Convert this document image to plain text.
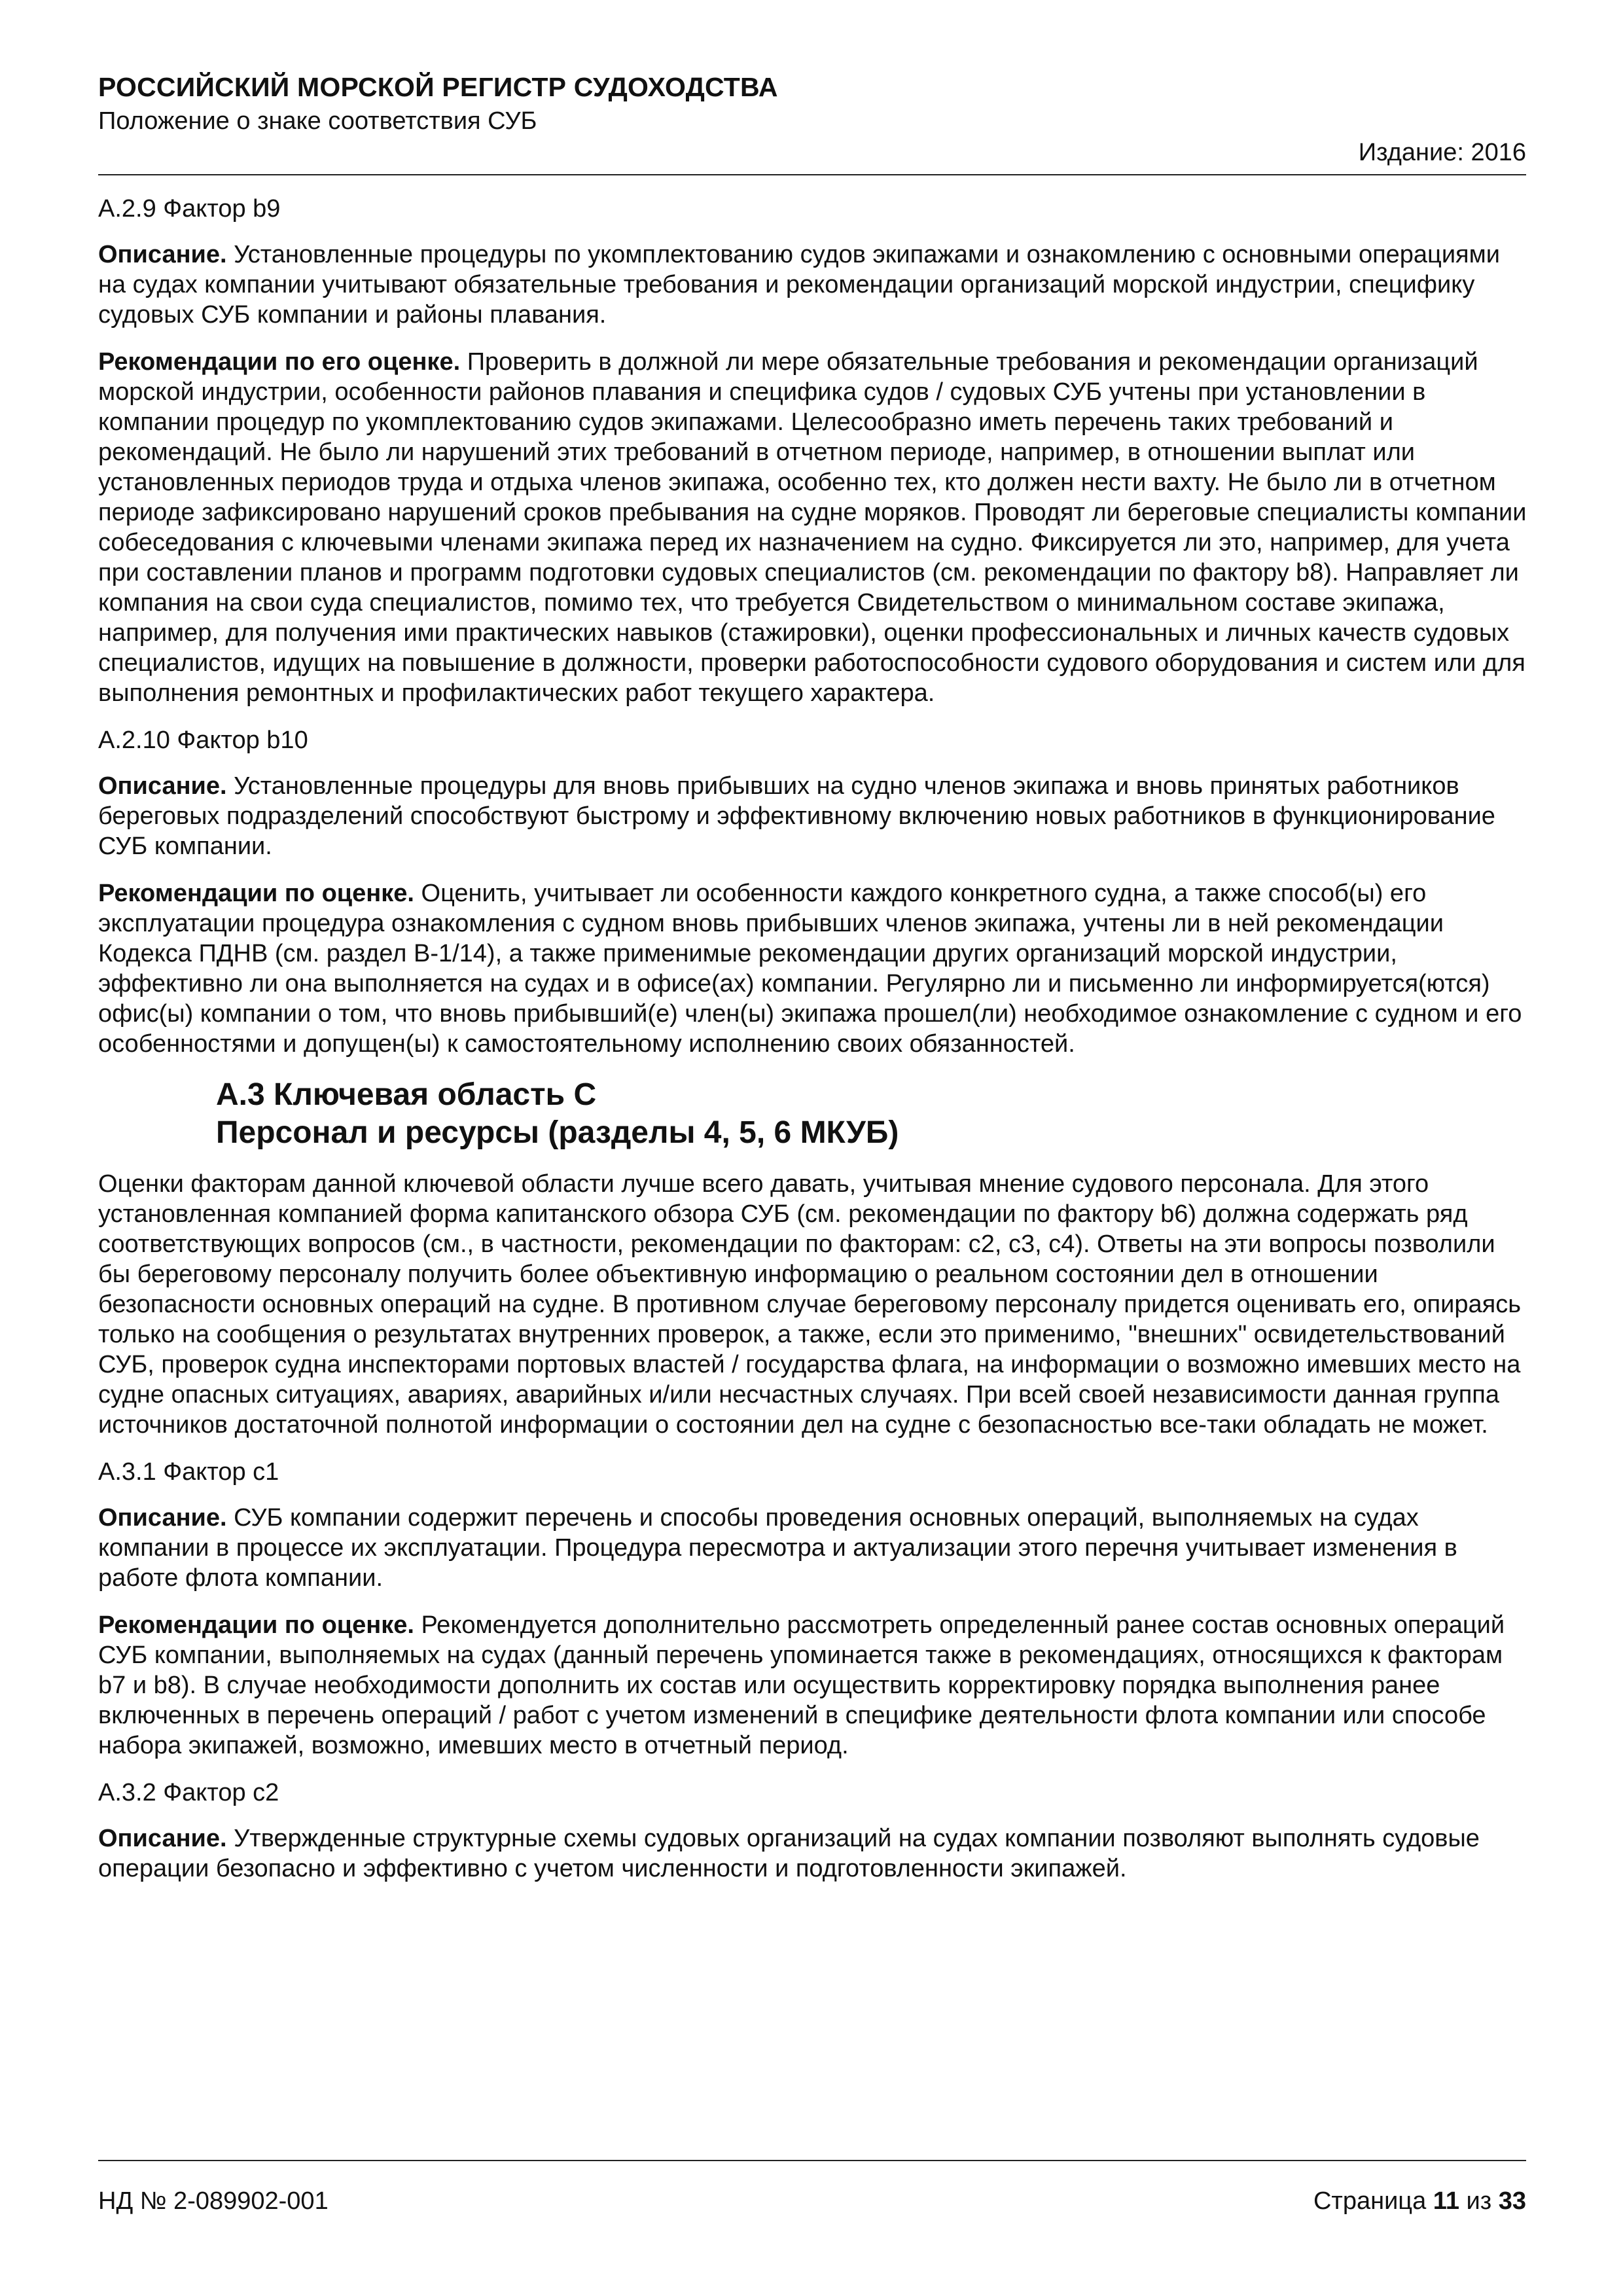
РОССИЙСКИЙ МОРСКОЙ РЕГИСТР СУДОХОДСТВА
Положение о знаке соответствия СУБ
Издание: 2016

А.2.9 Фактор b9

Описание. Установленные процедуры по укомплектованию судов экипажами и ознакомлению с основными операциями на судах компании учитывают обязательные требования и рекомендации организаций морской индустрии, специфику судовых СУБ компании и районы плавания.

Рекомендации по его оценке. Проверить в должной ли мере обязательные требования и рекомендации организаций морской индустрии, особенности районов плавания и специфика судов / судовых СУБ учтены при установлении в компании процедур по укомплектованию судов экипажами. Целесообразно иметь перечень таких требований и рекомендаций. Не было ли нарушений этих требований в отчетном периоде, например, в отношении выплат или установленных периодов труда и отдыха членов экипажа, особенно тех, кто должен нести вахту. Не было ли в отчетном периоде зафиксировано нарушений сроков пребывания на судне моряков. Проводят ли береговые специалисты компании собеседования с ключевыми членами экипажа перед их назначением на судно. Фиксируется ли это, например, для учета при составлении планов и программ подготовки судовых специалистов (см. рекомендации по фактору b8). Направляет ли компания на свои суда специалистов, помимо тех, что требуется Свидетельством о минимальном составе экипажа, например, для получения ими практических навыков (стажировки), оценки профессиональных и личных качеств судовых специалистов, идущих на повышение в должности, проверки работоспособности судового оборудования и систем или для выполнения ремонтных и профилактических работ текущего характера.

А.2.10 Фактор b10

Описание. Установленные процедуры для вновь прибывших на судно членов экипажа и вновь принятых работников береговых подразделений способствуют быстрому и эффективному включению новых работников в функционирование СУБ компании.

Рекомендации по оценке. Оценить, учитывает ли особенности каждого конкретного судна, а также способ(ы) его эксплуатации процедура ознакомления с судном вновь прибывших членов экипажа, учтены ли в ней рекомендации Кодекса ПДНВ (см. раздел В-1/14), а также применимые рекомендации других организаций морской индустрии, эффективно ли она выполняется на судах и в офисе(ах) компании. Регулярно ли и письменно ли информируется(ются) офис(ы) компании о том, что вновь прибывший(е) член(ы) экипажа прошел(ли) необходимое ознакомление с судном и его особенностями и допущен(ы) к самостоятельному исполнению своих обязанностей.

А.3 Ключевая область С
Персонал и ресурсы (разделы 4, 5, 6 МКУБ)

Оценки факторам данной ключевой области лучше всего давать, учитывая мнение судового персонала. Для этого установленная компанией форма капитанского обзора СУБ (см. рекомендации по фактору b6) должна содержать ряд соответствующих вопросов (см., в частности, рекомендации по факторам: с2, с3, с4). Ответы на эти вопросы позволили бы береговому персоналу получить более объективную информацию о реальном состоянии дел в отношении безопасности основных операций на судне. В противном случае береговому персоналу придется оценивать его, опираясь только на сообщения о результатах внутренних проверок, а также, если это применимо, "внешних" освидетельствований СУБ, проверок судна инспекторами портовых властей / государства флага, на информации о возможно имевших место на судне опасных ситуациях, авариях, аварийных и/или несчастных случаях. При всей своей независимости данная группа источников достаточной полнотой информации о состоянии дел на судне с безопасностью все-таки обладать не может.

А.3.1 Фактор с1

Описание. СУБ компании содержит перечень и способы проведения основных операций, выполняемых на судах компании в процессе их эксплуатации. Процедура пересмотра и актуализации этого перечня учитывает изменения в работе флота компании.

Рекомендации по оценке. Рекомендуется дополнительно рассмотреть определенный ранее состав основных операций СУБ компании, выполняемых на судах (данный перечень упоминается также в рекомендациях, относящихся к факторам b7 и b8). В случае необходимости дополнить их состав или осуществить корректировку порядка выполнения ранее включенных в перечень операций / работ с учетом изменений в специфике деятельности флота компании или способе набора экипажей, возможно, имевших место в отчетный период.

А.3.2 Фактор с2

Описание. Утвержденные структурные схемы судовых организаций на судах компании позволяют выполнять судовые операции безопасно и эффективно с учетом численности и подготовленности экипажей.

НД № 2-089902-001	Страница 11 из 33
